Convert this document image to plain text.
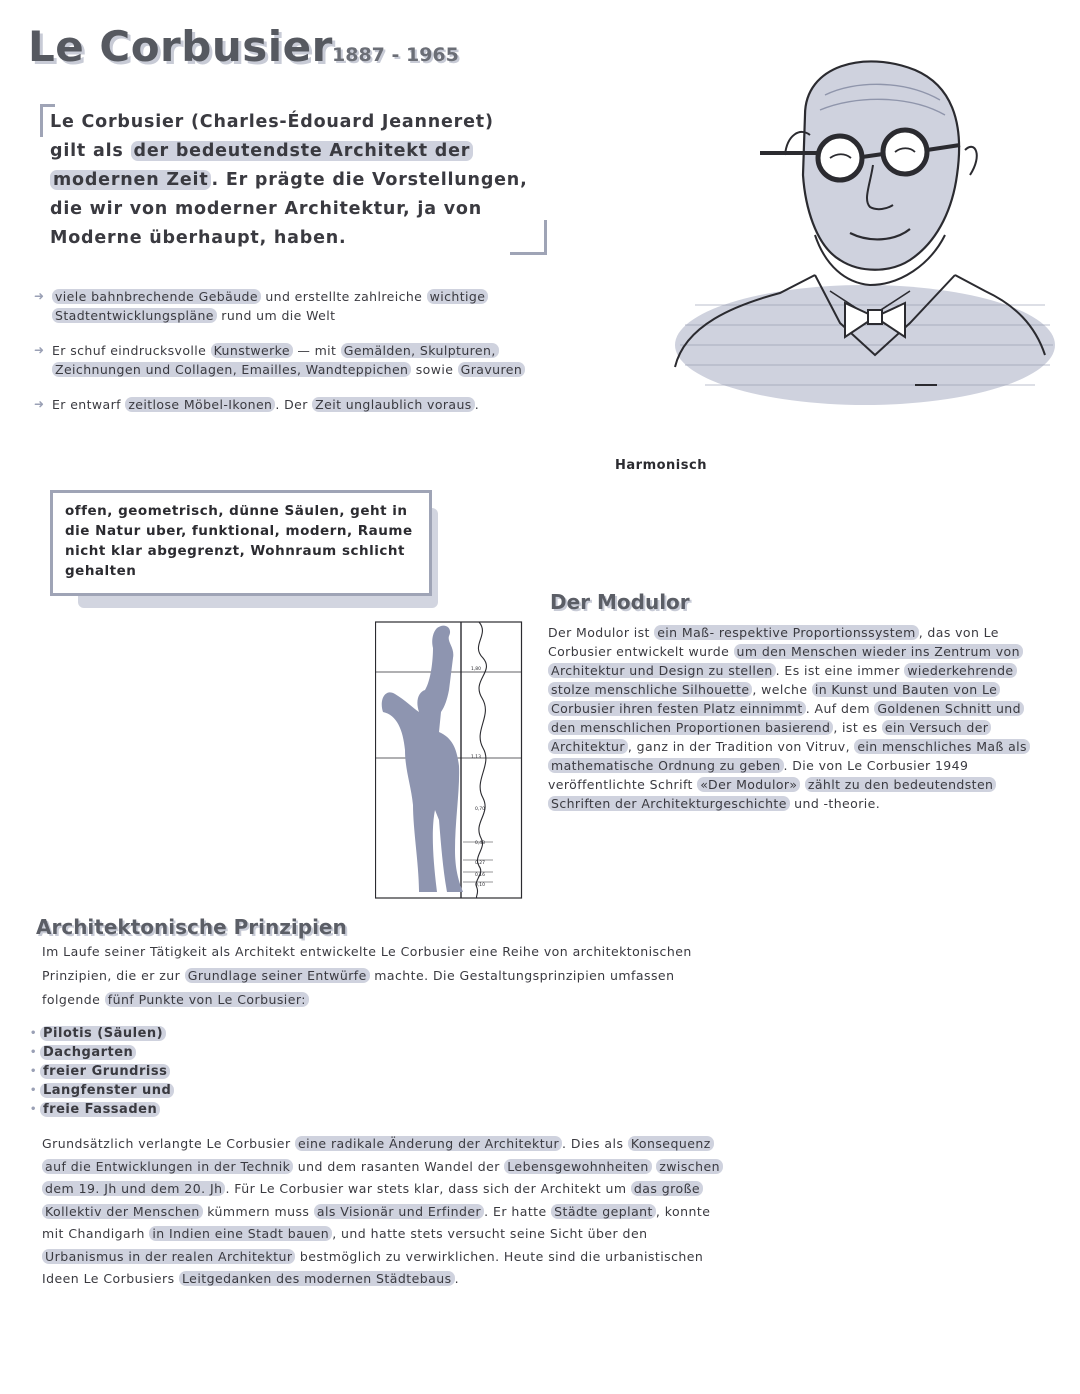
Le Corbusier 1887 - 1965
Le Corbusier (Charles-Édouard Jeanneret) gilt als der bedeutendste Architekt der modernen Zeit . Er prägte die Vorstellungen, die wir von moderner Architektur, ja von Moderne überhaupt, haben.

➜ viele bahnbrechende Gebäude und erstellte zahlreiche wichtige Stadtentwicklungspläne rund um die Welt

➜ Er schuf eindrucksvolle Kunstwerke — mit Gemälden, Skulpturen, Zeichnungen und Collagen, Emailles, Wandteppichen sowie Gravuren

➜ Er entwarf zeitlose Möbel-Ikonen . Der Zeit unglaublich voraus .

Harmonisch
offen, geometrisch, dünne Säulen, geht in die Natur uber, funktional, modern, Raume nicht klar abgegrenzt, Wohnraum schlicht gehalten
1,80
1,13
0,70
0,43
0,27
0,16
0,10
Der Modulor
Der Modulor ist ein Maß- respektive Proportionssystem , das von Le Corbusier entwickelt wurde um den Menschen wieder ins Zentrum von Architektur und Design zu stellen . Es ist eine immer wiederkehrende stolze menschliche Silhouette , welche in Kunst und Bauten von Le Corbusier ihren festen Platz einnimmt . Auf dem Goldenen Schnitt und den menschlichen Proportionen basierend , ist es ein Versuch der Architektur , ganz in der Tradition von Vitruv, ein menschliches Maß als mathematische Ordnung zu geben . Die von Le Corbusier 1949 veröffentlichte Schrift «Der Modulor» zählt zu den bedeutendsten Schriften der Architekturgeschichte und -theorie.
Architektonische Prinzipien
Im Laufe seiner Tätigkeit als Architekt entwickelte Le Corbusier eine Reihe von architektonischen Prinzipien, die er zur Grundlage seiner Entwürfe machte. Die Gestaltungsprinzipien umfassen folgende fünf Punkte von Le Corbusier:
• Pilotis (Säulen)
• Dachgarten
• freier Grundriss
• Langfenster und
• freie Fassaden
Grundsätzlich verlangte Le Corbusier eine radikale Änderung der Architektur . Dies als Konsequenz auf die Entwicklungen in der Technik und dem rasanten Wandel der Lebensgewohnheiten zwischen dem 19. Jh und dem 20. Jh . Für Le Corbusier war stets klar, dass sich der Architekt um das große Kollektiv der Menschen kümmern muss als Visionär und Erfinder . Er hatte Städte geplant , konnte mit Chandigarh in Indien eine Stadt bauen , und hatte stets versucht seine Sicht über den Urbanismus in der realen Architektur bestmöglich zu verwirklichen. Heute sind die urbanistischen Ideen Le Corbusiers Leitgedanken des modernen Städtebaus .
